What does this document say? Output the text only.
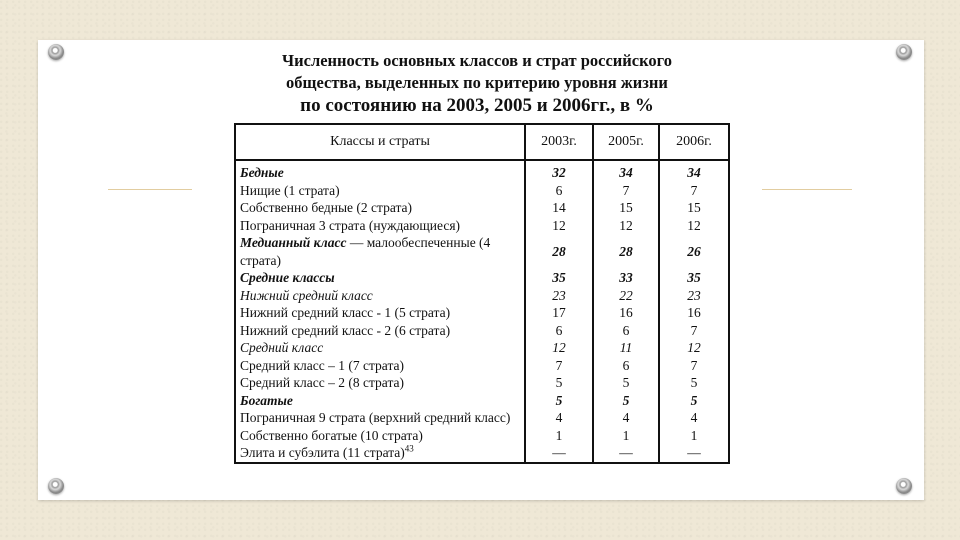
Численность основных классов и страт российского
общества, выделенных по критерию уровня жизни
по состоянию на 2003, 2005 и 2006гг., в %
Классы и страты	2003г.	2005г.	2006г.
Бедные	32	34	34
Нищие (1 страта)	6	7	7
Собственно бедные (2 страта)	14	15	15
Пограничная 3 страта (нуждающиеся)	12	12	12
Медианный класс — малообеспеченные (4 страта)	28	28	26
Средние классы	35	33	35
Нижний средний класс	23	22	23
Нижний средний класс - 1 (5 страта)	17	16	16
Нижний средний класс - 2 (6 страта)	6	6	7
Средний класс	12	11	12
Средний класс – 1 (7 страта)	7	6	7
Средний класс – 2 (8 страта)	5	5	5
Богатые	5	5	5
Пограничная 9 страта (верхний средний класс)	4	4	4
Собственно богатые (10 страта)	1	1	1
Элита и субэлита (11 страта)$^{43}$	—	—	—
